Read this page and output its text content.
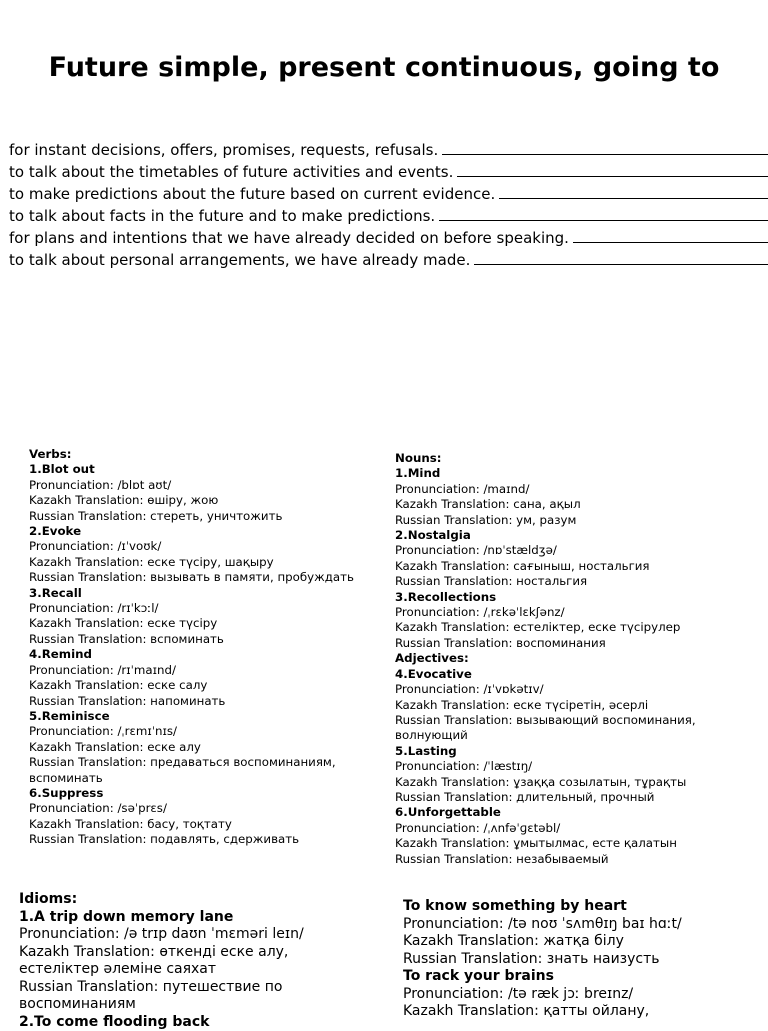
Future simple, present continuous, going to
for instant decisions, offers, promises, requests, refusals.
to talk about the timetables of future activities and events.
to make predictions about the future based on current evidence.
to talk about facts in the future and to make predictions.
for plans and intentions that we have already decided on before speaking.
to talk about personal arrangements, we have already made.
Verbs:
1.Blot out
Pronunciation: /blɒt aʊt/
Kazakh Translation: өшіру, жою
Russian Translation: стереть, уничтожить
2.Evoke
Pronunciation: /ɪˈvoʊk/
Kazakh Translation: еске түсіру, шақыру
Russian Translation: вызывать в памяти, пробуждать
3.Recall
Pronunciation: /rɪˈkɔːl/
Kazakh Translation: еске түсіру
Russian Translation: вспоминать
4.Remind
Pronunciation: /rɪˈmaɪnd/
Kazakh Translation: еске салу
Russian Translation: напоминать
5.Reminisce
Pronunciation: /ˌrɛmɪˈnɪs/
Kazakh Translation: еске алу
Russian Translation: предаваться воспоминаниям, вспоминать
6.Suppress
Pronunciation: /səˈprɛs/
Kazakh Translation: басу, тоқтату
Russian Translation: подавлять, сдерживать
Nouns:
1.Mind
Pronunciation: /maɪnd/
Kazakh Translation: сана, ақыл
Russian Translation: ум, разум
2.Nostalgia
Pronunciation: /nɒˈstældʒə/
Kazakh Translation: сағыныш, ностальгия
Russian Translation: ностальгия
3.Recollections
Pronunciation: /ˌrɛkəˈlɛkʃənz/
Kazakh Translation: естеліктер, еске түсірулер
Russian Translation: воспоминания
Adjectives:
4.Evocative
Pronunciation: /ɪˈvɒkətɪv/
Kazakh Translation: еске түсіретін, әсерлі
Russian Translation: вызывающий воспоминания, волнующий
5.Lasting
Pronunciation: /ˈlæstɪŋ/
Kazakh Translation: ұзаққа созылатын, тұрақты
Russian Translation: длительный, прочный
6.Unforgettable
Pronunciation: /ˌʌnfəˈɡɛtəbl/
Kazakh Translation: ұмытылмас, есте қалатын
Russian Translation: незабываемый
Idioms:
1.A trip down memory lane
Pronunciation: /ə trɪp daʊn ˈmɛməri leɪn/
Kazakh Translation: өткенді еске алу, естеліктер әлеміне саяхат
Russian Translation: путешествие по воспоминаниям
2.To come flooding back
To know something by heart
Pronunciation: /tə noʊ ˈsʌmθɪŋ baɪ hɑːt/
Kazakh Translation: жатқа білу
Russian Translation: знать наизусть
To rack your brains
Pronunciation: /tə ræk jɔː breɪnz/
Kazakh Translation: қатты ойлану,
